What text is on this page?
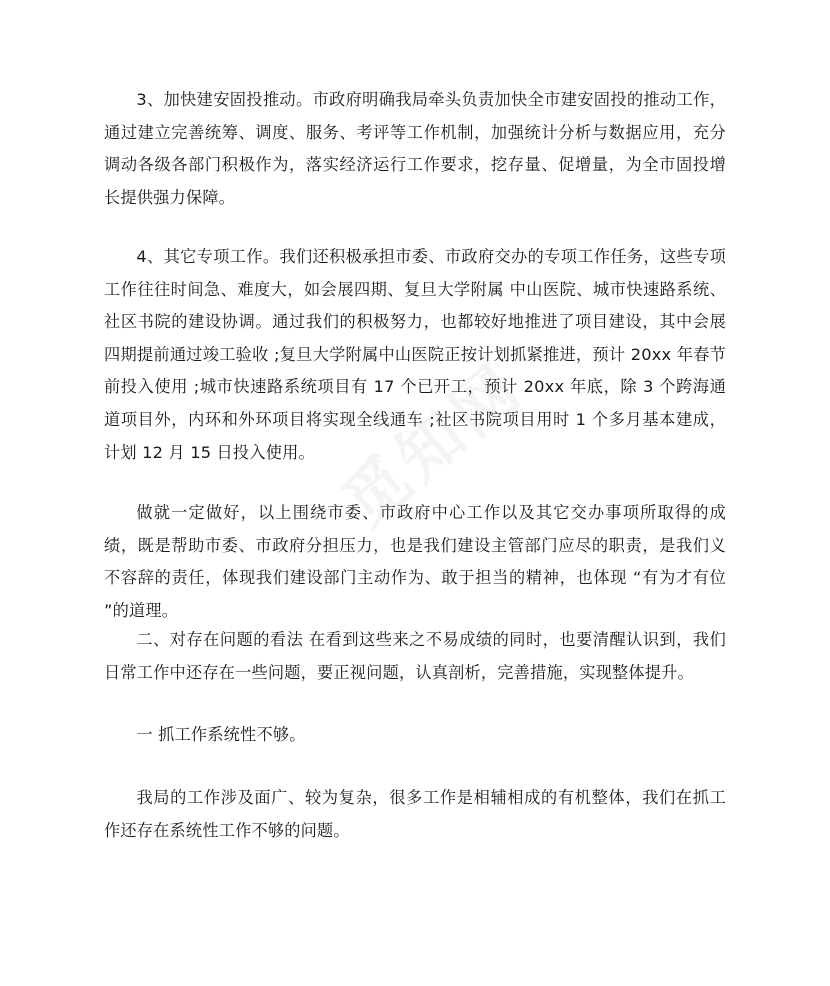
3、加快建安固投推动。市政府明确我局牵头负责加快全市建安固投的推动工作，通过建立完善统筹、调度、服务、考评等工作机制，加强统计分析与数据应用，充分调动各级各部门积极作为，落实经济运行工作要求，挖存量、促增量，为全市固投增长提供强力保障。

4、其它专项工作。我们还积极承担市委、市政府交办的专项工作任务，这些专项工作往往时间急、难度大，如会展四期、复旦大学附属 中山医院、城市快速路系统、社区书院的建设协调。通过我们的积极努力，也都较好地推进了项目建设，其中会展四期提前通过竣工验收 ;复旦大学附属中山医院正按计划抓紧推进，预计 20xx 年春节前投入使用 ;城市快速路系统项目有 17 个已开工，预计 20xx 年底，除 3 个跨海通道项目外，内环和外环项目将实现全线通车 ;社区书院项目用时 1 个多月基本建成，计划 12 月 15 日投入使用。

做就一定做好，以上围绕市委、市政府中心工作以及其它交办事项所取得的成绩，既是帮助市委、市政府分担压力，也是我们建设主管部门应尽的职责，是我们义不容辞的责任，体现我们建设部门主动作为、敢于担当的精神，也体现 “有为才有位 ”的道理。

二、对存在问题的看法 在看到这些来之不易成绩的同时，也要清醒认识到，我们日常工作中还存在一些问题，要正视问题，认真剖析，完善措施，实现整体提升。

一 抓工作系统性不够。

我局的工作涉及面广、较为复杂，很多工作是相辅相成的有机整体，我们在抓工作还存在系统性工作不够的问题。
